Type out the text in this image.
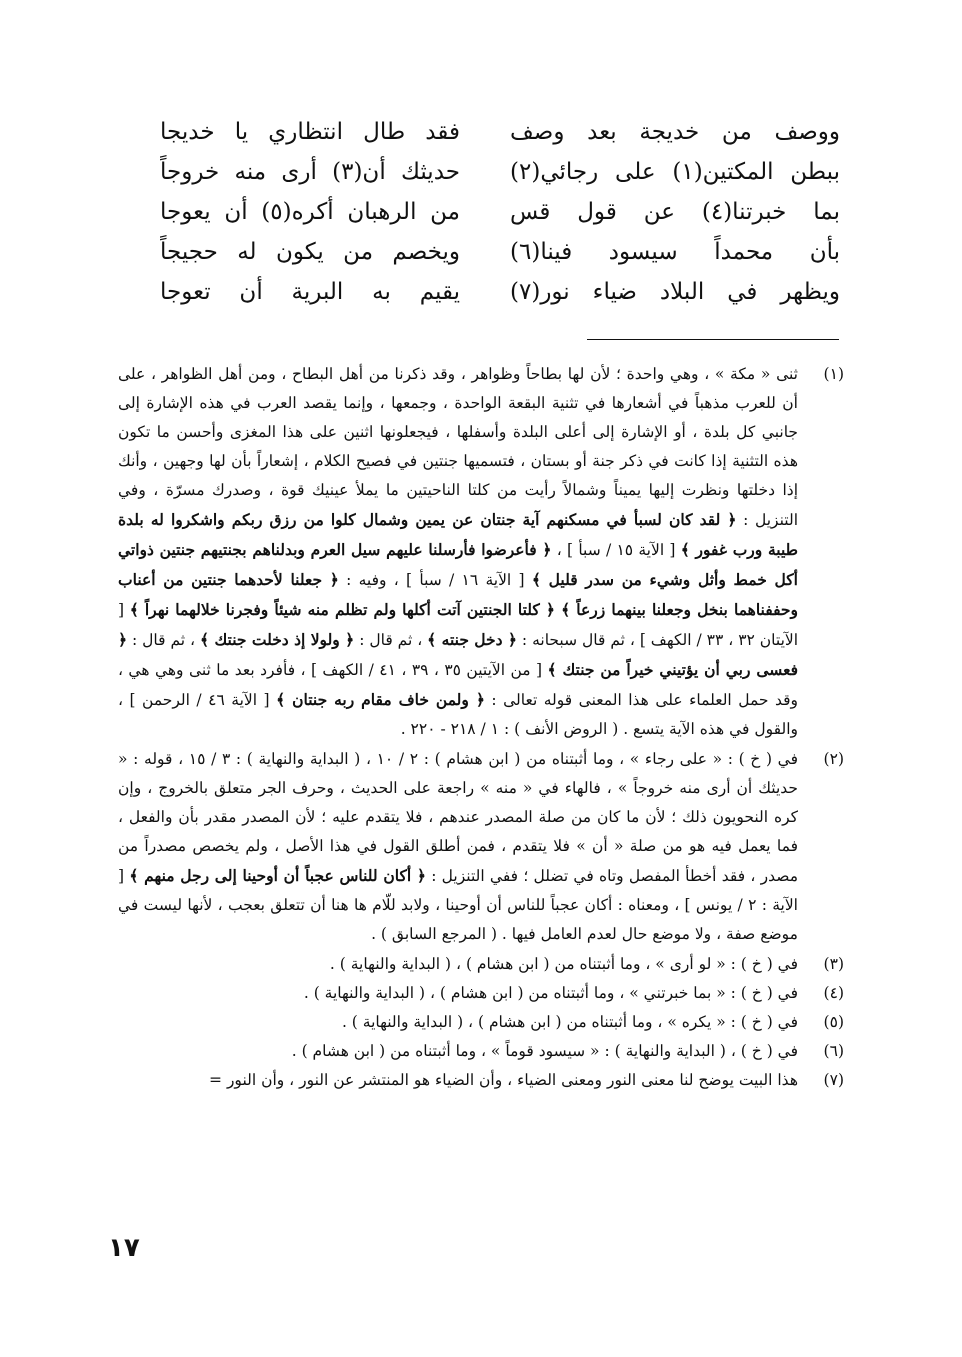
ووصف من خديجة بعد وصف
ببطن المكتين(١) على رجائي(٢)
بما خبرتنا(٤) عن قول قس
بأن محمداً سيسود فينا(٦)
ويظهر في البلاد ضياء نور(٧)
فقد طال انتظاري يا خديجا
حديثك أن(٣) أرى منه خروجاً
من الرهبان أكره(٥) أن يعوجا
ويخصم من يكون له حجيجاً
يقيم به البرية أن تعوجا
(١)
ثنى « مكة » ، وهي واحدة ؛ لأن لها بطاحاً وظواهر ، وقد ذكرنا من أهل البطاح ، ومن أهل الظواهر ، على أن للعرب مذهباً في أشعارها في تثنية البقعة الواحدة ، وجمعها ، وإنما يقصد العرب في هذه الإشارة إلى جانبي كل بلدة ، أو الإشارة إلى أعلى البلدة وأسفلها ، فيجعلونها اثنين على هذا المغزى وأحسن ما تكون هذه التثنية إذا كانت في ذكر جنة أو بستان ، فتسميها جنتين في فصيح الكلام ، إشعاراً بأن لها وجهين ، وأنك إذا دخلتها ونظرت إليها يميناً وشمالاً رأيت من كلتا الناحيتين ما يملأ عينيك قوة ، وصدرك مسرّة ، وفي التنزيل : ﴿ لقد كان لسبأ في مسكنهم آية جنتان عن يمين وشمال كلوا من رزق ربكم واشكروا له بلدة طيبة ورب غفور ﴾ [ الآية ١٥ / سبأ ] ، ﴿ فأعرضوا فأرسلنا عليهم سيل العرم وبدلناهم بجنتيهم جنتين ذواتي أكل خمط وأثل وشيء من سدر قليل ﴾ [ الآية ١٦ / سبأ ] ، وفيه : ﴿ جعلنا لأحدهما جنتين من أعناب وحففناهما بنخل وجعلنا بينهما زرعاً ﴾ ﴿ كلتا الجنتين آتت أكلها ولم تظلم منه شيئاً وفجرنا خلالهما نهراً ﴾ [ الآيتان ٣٢ ، ٣٣ / الكهف ] ، ثم قال سبحانه : ﴿ دخل جنته ﴾ ، ثم قال : ﴿ ولولا إذ دخلت جنتك ﴾ ، ثم قال : ﴿ فعسى ربي أن يؤتيني خيراً من جنتك ﴾ [ من الآيتين ٣٥ ، ٣٩ ، ٤١ / الكهف ] ، فأفرد بعد ما ثنى وهي هي ، وقد حمل العلماء على هذا المعنى قوله تعالى : ﴿ ولمن خاف مقام ربه جنتان ﴾ [ الآية ٤٦ / الرحمن ] ، والقول في هذه الآية يتسع . ( الروض الأنف ) : ١ / ٢١٨ - ٢٢٠ .
(٢)
في ( خ ) : « على رجاء » ، وما أثبتناه من ( ابن هشام ) : ٢ / ١٠ ، ( البداية والنهاية ) : ٣ / ١٥ ، قوله : « حديثك أن أرى منه خروجاً » ، فالهاء في « منه » راجعة على الحديث ، وحرف الجر متعلق بالخروج ، وإن كره النحويون ذلك ؛ لأن ما كان من صلة المصدر عندهم ، فلا يتقدم عليه ؛ لأن المصدر مقدر بأن والفعل ، فما يعمل فيه هو من صلة « أن » فلا يتقدم ، فمن أطلق القول في هذا الأصل ، ولم يخصص مصدراً من مصدر ، فقد أخطأ المفصل وتاه في تضلل ؛ ففي التنزيل : ﴿ أكان للناس عجباً أن أوحينا إلى رجل منهم ﴾ [ الآية : ٢ / يونس ] ، ومعناه : أكان عجباً للناس أن أوحينا ، ولابد للّام ها هنا أن تتعلق بعجب ، لأنها ليست في موضع صفة ، ولا موضع حال لعدم العامل فيها . ( المرجع السابق ) .
(٣)
في ( خ ) : « لو أرى » ، وما أثبتناه من ( ابن هشام ) ، ( البداية والنهاية ) .
(٤)
في ( خ ) : « بما خبرتني » ، وما أثبتناه من ( ابن هشام ) ، ( البداية والنهاية ) .
(٥)
في ( خ ) : « يكره » ، وما أثبتناه من ( ابن هشام ) ، ( البداية والنهاية ) .
(٦)
في ( خ ) ، ( البداية والنهاية ) : « سيسود قوماً » ، وما أثبتناه من ( ابن هشام ) .
(٧)
هذا البيت يوضح لنا معنى النور ومعنى الضياء ، وأن الضياء هو المنتشر عن النور ، وأن النور =
١٧
